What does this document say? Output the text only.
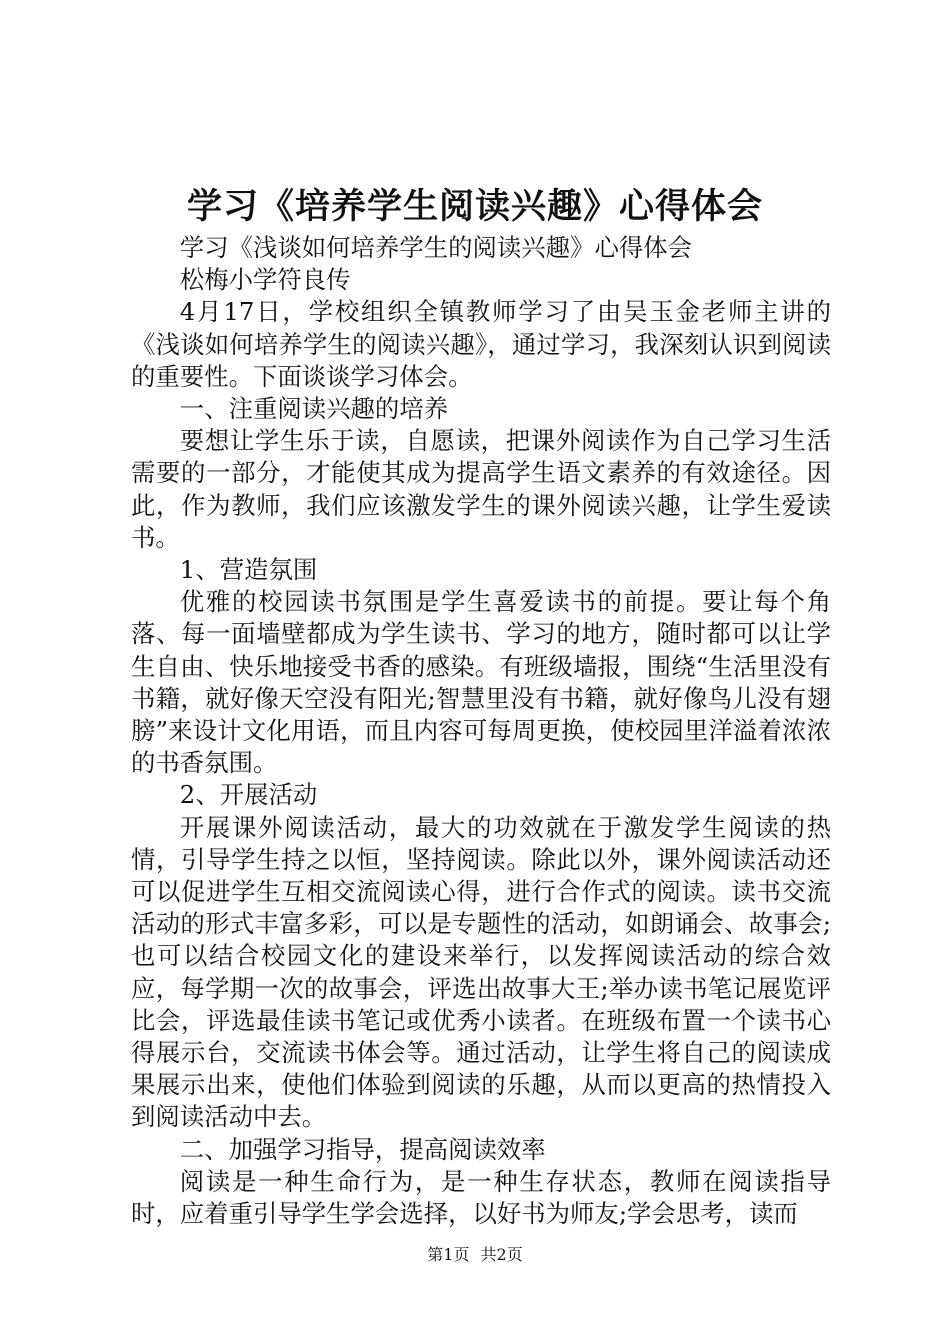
学习《培养学生阅读兴趣》心得体会

学习《浅谈如何培养学生的阅读兴趣》心得体会

松梅小学符良传

4月17日，学校组织全镇教师学习了由吴玉金老师主讲的《浅谈如何培养学生的阅读兴趣》，通过学习，我深刻认识到阅读的重要性。下面谈谈学习体会。

一、注重阅读兴趣的培养

要想让学生乐于读，自愿读，把课外阅读作为自己学习生活需要的一部分，才能使其成为提高学生语文素养的有效途径。因此，作为教师，我们应该激发学生的课外阅读兴趣，让学生爱读书。

1、营造氛围

优雅的校园读书氛围是学生喜爱读书的前提。要让每个角落、每一面墙壁都成为学生读书、学习的地方，随时都可以让学生自由、快乐地接受书香的感染。有班级墙报，围绕“生活里没有书籍，就好像天空没有阳光;智慧里没有书籍，就好像鸟儿没有翅膀”来设计文化用语，而且内容可每周更换，使校园里洋溢着浓浓的书香氛围。

2、开展活动

开展课外阅读活动，最大的功效就在于激发学生阅读的热情，引导学生持之以恒，坚持阅读。除此以外，课外阅读活动还可以促进学生互相交流阅读心得，进行合作式的阅读。读书交流活动的形式丰富多彩，可以是专题性的活动，如朗诵会、故事会;也可以结合校园文化的建设来举行，以发挥阅读活动的综合效应，每学期一次的故事会，评选出故事大王;举办读书笔记展览评比会，评选最佳读书笔记或优秀小读者。在班级布置一个读书心得展示台，交流读书体会等。通过活动，让学生将自己的阅读成果展示出来，使他们体验到阅读的乐趣，从而以更高的热情投入到阅读活动中去。

二、加强学习指导，提高阅读效率

阅读是一种生命行为，是一种生存状态，教师在阅读指导时，应着重引导学生学会选择，以好书为师友;学会思考，读而

第1页 共2页
